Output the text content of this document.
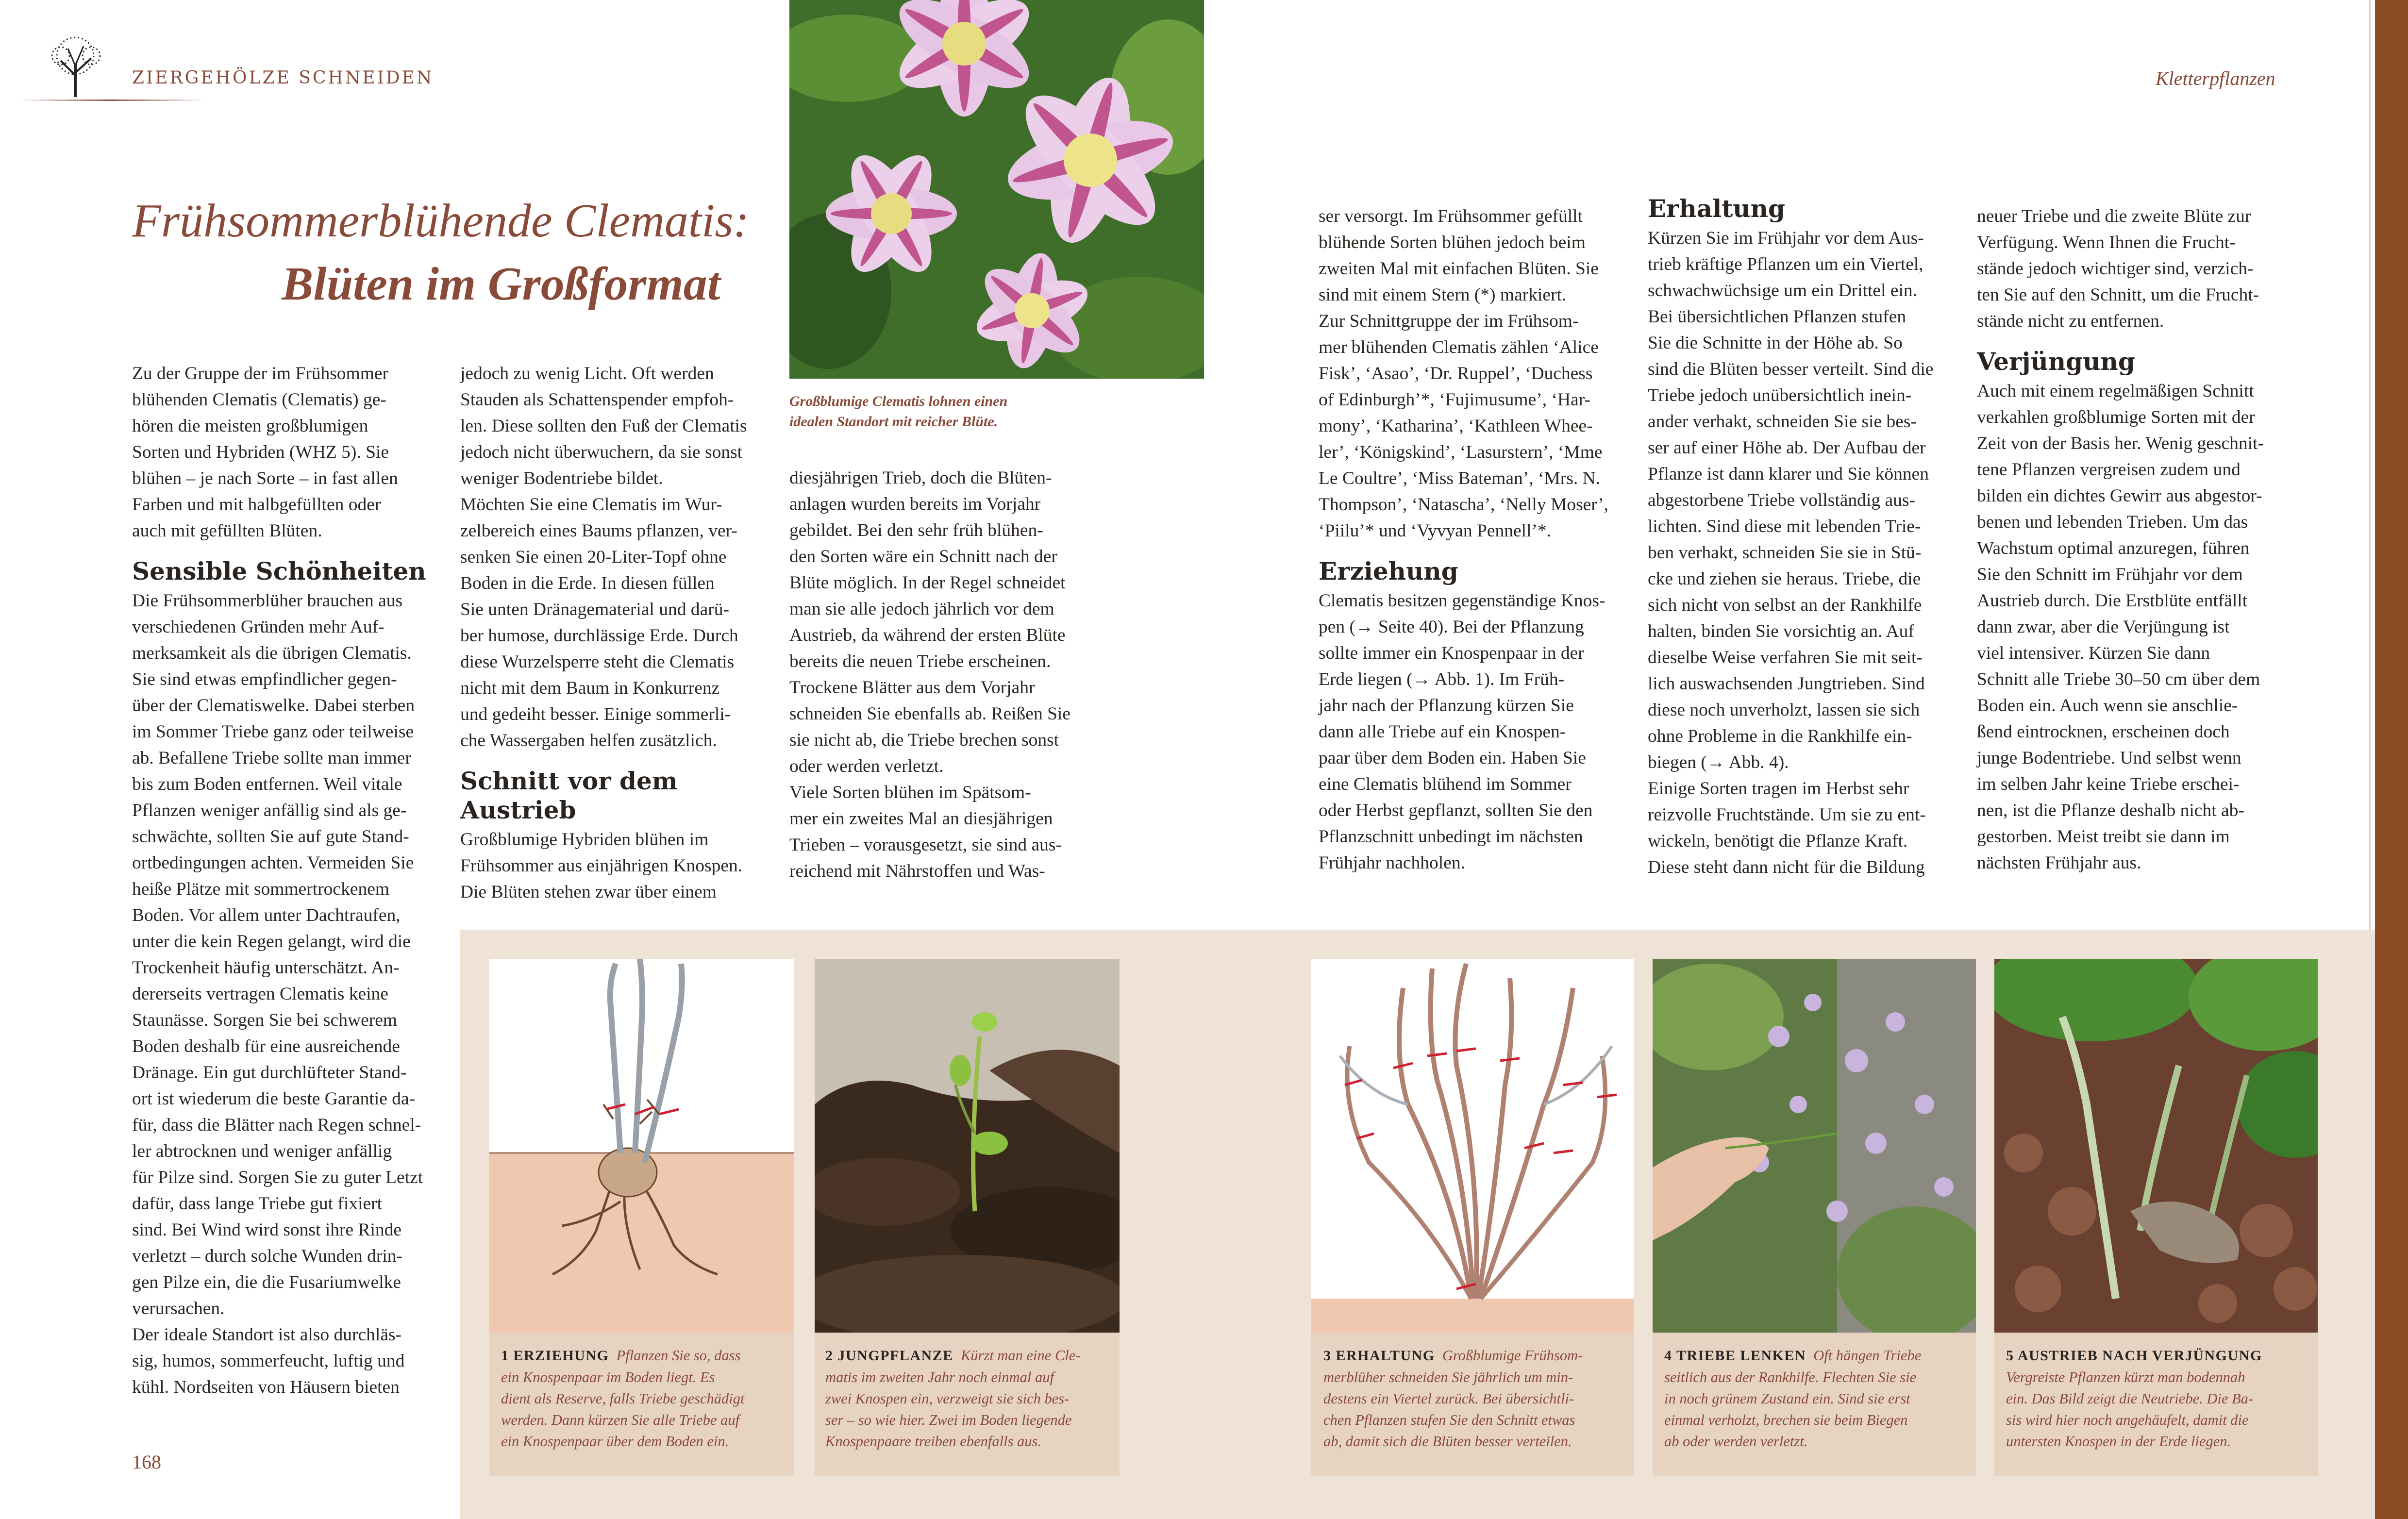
ZIERGEHÖLZE SCHNEIDEN	Kletterpflanzen
Frühsommerblühende Clematis:
Blüten im Großformat
Großblumige Clematis lohnen einen
idealen Standort mit reicher Blüte.
Zu der Gruppe der im Frühsommer
blühenden Clematis (Clematis) ge-
hören die meisten großblumigen
Sorten und Hybriden (WHZ 5). Sie
blühen – je nach Sorte – in fast allen
Farben und mit halbgefüllten oder
auch mit gefüllten Blüten.
Sensible Schönheiten
Die Frühsommerblüher brauchen aus
verschiedenen Gründen mehr Auf-
merksamkeit als die übrigen Clematis.
Sie sind etwas empfindlicher gegen-
über der Clematiswelke. Dabei sterben
im Sommer Triebe ganz oder teilweise
ab. Befallene Triebe sollte man immer
bis zum Boden entfernen. Weil vitale
Pflanzen weniger anfällig sind als ge-
schwächte, sollten Sie auf gute Stand-
ortbedingungen achten. Vermeiden Sie
heiße Plätze mit sommertrockenem
Boden. Vor allem unter Dachtraufen,
unter die kein Regen gelangt, wird die
Trockenheit häufig unterschätzt. An-
dererseits vertragen Clematis keine
Staunässe. Sorgen Sie bei schwerem
Boden deshalb für eine ausreichende
Dränage. Ein gut durchlüfteter Stand-
ort ist wiederum die beste Garantie da-
für, dass die Blätter nach Regen schnel-
ler abtrocknen und weniger anfällig
für Pilze sind. Sorgen Sie zu guter Letzt
dafür, dass lange Triebe gut fixiert
sind. Bei Wind wird sonst ihre Rinde
verletzt – durch solche Wunden drin-
gen Pilze ein, die die Fusariumwelke
verursachen.
Der ideale Standort ist also durchläs-
sig, humos, sommerfeucht, luftig und
kühl. Nordseiten von Häusern bieten
jedoch zu wenig Licht. Oft werden
Stauden als Schattenspender empfoh-
len. Diese sollten den Fuß der Clematis
jedoch nicht überwuchern, da sie sonst
weniger Bodentriebe bildet.
Möchten Sie eine Clematis im Wur-
zelbereich eines Baums pflanzen, ver-
senken Sie einen 20-Liter-Topf ohne
Boden in die Erde. In diesen füllen
Sie unten Dränagematerial und darü-
ber humose, durchlässige Erde. Durch
diese Wurzelsperre steht die Clematis
nicht mit dem Baum in Konkurrenz
und gedeiht besser. Einige sommerli-
che Wassergaben helfen zusätzlich.
Schnitt vor dem Austrieb
Großblumige Hybriden blühen im
Frühsommer aus einjährigen Knospen.
Die Blüten stehen zwar über einem
diesjährigen Trieb, doch die Blüten-
anlagen wurden bereits im Vorjahr
gebildet. Bei den sehr früh blühen-
den Sorten wäre ein Schnitt nach der
Blüte möglich. In der Regel schneidet
man sie alle jedoch jährlich vor dem
Austrieb, da während der ersten Blüte
bereits die neuen Triebe erscheinen.
Trockene Blätter aus dem Vorjahr
schneiden Sie ebenfalls ab. Reißen Sie
sie nicht ab, die Triebe brechen sonst
oder werden verletzt.
Viele Sorten blühen im Spätsom-
mer ein zweites Mal an diesjährigen
Trieben – vorausgesetzt, sie sind aus-
reichend mit Nährstoffen und Was-
ser versorgt. Im Frühsommer gefüllt
blühende Sorten blühen jedoch beim
zweiten Mal mit einfachen Blüten. Sie
sind mit einem Stern (*) markiert.
Zur Schnittgruppe der im Frühsom-
mer blühenden Clematis zählen ‘Alice
Fisk’, ‘Asao’, ‘Dr. Ruppel’, ‘Duchess
of Edinburgh’*, ‘Fujimusume’, ‘Har-
mony’, ‘Katharina’, ‘Kathleen Whee-
ler’, ‘Königskind’, ‘Lasurstern’, ‘Mme
Le Coultre’, ‘Miss Bateman’, ‘Mrs. N.
Thompson’, ‘Natascha’, ‘Nelly Moser’,
‘Piilu’* und ‘Vyvyan Pennell’*.
Erziehung
Clematis besitzen gegenständige Knos-
pen (→ Seite 40). Bei der Pflanzung
sollte immer ein Knospenpaar in der
Erde liegen (→ Abb. 1). Im Früh-
jahr nach der Pflanzung kürzen Sie
dann alle Triebe auf ein Knospen-
paar über dem Boden ein. Haben Sie
eine Clematis blühend im Sommer
oder Herbst gepflanzt, sollten Sie den
Pflanzschnitt unbedingt im nächsten
Frühjahr nachholen.
Erhaltung
Kürzen Sie im Frühjahr vor dem Aus-
trieb kräftige Pflanzen um ein Viertel,
schwachwüchsige um ein Drittel ein.
Bei übersichtlichen Pflanzen stufen
Sie die Schnitte in der Höhe ab. So
sind die Blüten besser verteilt. Sind die
Triebe jedoch unübersichtlich inein-
ander verhakt, schneiden Sie sie bes-
ser auf einer Höhe ab. Der Aufbau der
Pflanze ist dann klarer und Sie können
abgestorbene Triebe vollständig aus-
lichten. Sind diese mit lebenden Trie-
ben verhakt, schneiden Sie sie in Stü-
cke und ziehen sie heraus. Triebe, die
sich nicht von selbst an der Rankhilfe
halten, binden Sie vorsichtig an. Auf
dieselbe Weise verfahren Sie mit seit-
lich auswachsenden Jungtrieben. Sind
diese noch unverholzt, lassen sie sich
ohne Probleme in die Rankhilfe ein-
biegen (→ Abb. 4).
Einige Sorten tragen im Herbst sehr
reizvolle Fruchtstände. Um sie zu ent-
wickeln, benötigt die Pflanze Kraft.
Diese steht dann nicht für die Bildung
neuer Triebe und die zweite Blüte zur
Verfügung. Wenn Ihnen die Frucht-
stände jedoch wichtiger sind, verzich-
ten Sie auf den Schnitt, um die Frucht-
stände nicht zu entfernen.
Verjüngung
Auch mit einem regelmäßigen Schnitt
verkahlen großblumige Sorten mit der
Zeit von der Basis her. Wenig geschnit-
tene Pflanzen vergreisen zudem und
bilden ein dichtes Gewirr aus abgestor-
benen und lebenden Trieben. Um das
Wachstum optimal anzuregen, führen
Sie den Schnitt im Frühjahr vor dem
Austrieb durch. Die Erstblüte entfällt
dann zwar, aber die Verjüngung ist
viel intensiver. Kürzen Sie dann
Schnitt alle Triebe 30–50 cm über dem
Boden ein. Auch wenn sie anschlie-
ßend eintrocknen, erscheinen doch
junge Bodentriebe. Und selbst wenn
im selben Jahr keine Triebe erschei-
nen, ist die Pflanze deshalb nicht ab-
gestorben. Meist treibt sie dann im
nächsten Frühjahr aus.
1 ERZIEHUNG Pflanzen Sie so, dass
ein Knospenpaar im Boden liegt. Es
dient als Reserve, falls Triebe geschädigt
werden. Dann kürzen Sie alle Triebe auf
ein Knospenpaar über dem Boden ein.
2 JUNGPFLANZE Kürzt man eine Cle-
matis im zweiten Jahr noch einmal auf
zwei Knospen ein, verzweigt sie sich bes-
ser – so wie hier. Zwei im Boden liegende
Knospenpaare treiben ebenfalls aus.
3 ERHALTUNG Großblumige Frühsom-
merblüher schneiden Sie jährlich um min-
destens ein Viertel zurück. Bei übersichtli-
chen Pflanzen stufen Sie den Schnitt etwas
ab, damit sich die Blüten besser verteilen.
4 TRIEBE LENKEN Oft hängen Triebe
seitlich aus der Rankhilfe. Flechten Sie sie
in noch grünem Zustand ein. Sind sie erst
einmal verholzt, brechen sie beim Biegen
ab oder werden verletzt.
5 AUSTRIEB NACH VERJÜNGUNG
Vergreiste Pflanzen kürzt man bodennah
ein. Das Bild zeigt die Neutriebe. Die Ba-
sis wird hier noch angehäufelt, damit die
untersten Knospen in der Erde liegen.
168
